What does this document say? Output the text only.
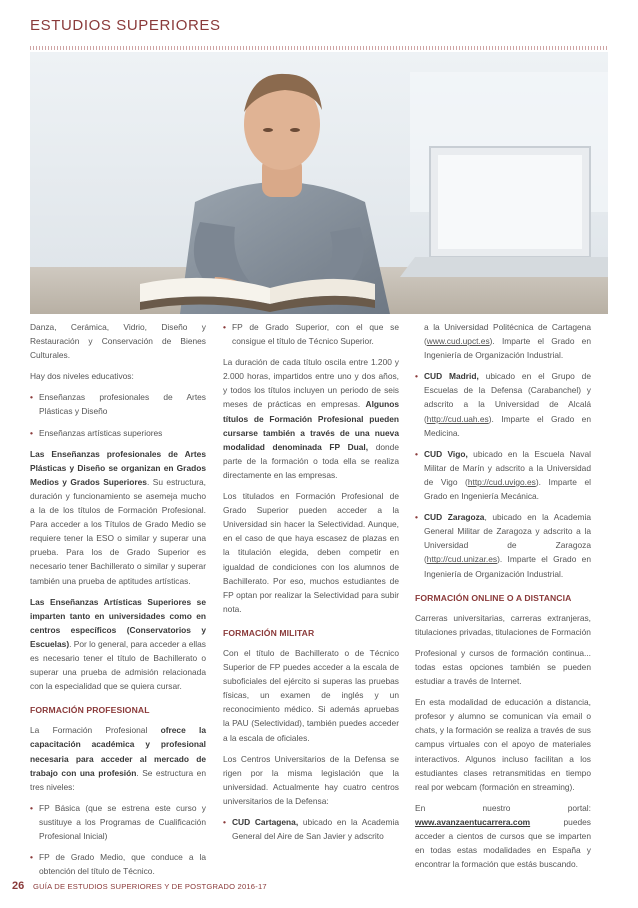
ESTUDIOS SUPERIORES

Danza, Cerámica, Vidrio, Diseño y Restauración y Conservación de Bienes Culturales.

Hay dos niveles educativos:

• Enseñanzas profesionales de Artes Plásticas y Diseño
• Enseñanzas artísticas superiores

Las Enseñanzas profesionales de Artes Plásticas y Diseño se organizan en Grados Medios y Grados Superiores. Su estructura, duración y funcionamiento se asemeja mucho a la de los títulos de Formación Profesional. Para acceder a los Títulos de Grado Medio se requiere tener la ESO o similar y superar una prueba. Para los de Grado Superior es necesario tener Bachillerato o similar y superar también una prueba de aptitudes artísticas.

Las Enseñanzas Artísticas Superiores se imparten tanto en universidades como en centros específicos (Conservatorios y Escuelas). Por lo general, para acceder a ellas es necesario tener el título de Bachillerato o superar una prueba de admisión relacionada con la especialidad que se quiera cursar.

FORMACIÓN PROFESIONAL

La Formación Profesional ofrece la capacitación académica y profesional necesaria para acceder al mercado de trabajo con una profesión. Se estructura en tres niveles:

• FP Básica (que se estrena este curso y sustituye a los Programas de Cualificación Profesional Inicial)
• FP de Grado Medio, que conduce a la obtención del título de Técnico.
• FP de Grado Superior, con el que se consigue el título de Técnico Superior.

La duración de cada título oscila entre 1.200 y 2.000 horas, impartidos entre uno y dos años, y todos los títulos incluyen un periodo de seis meses de prácticas en empresas. Algunos títulos de Formación Profesional pueden cursarse también a través de una nueva modalidad denominada FP Dual, donde parte de la formación o toda ella se realiza directamente en las empresas.

Los titulados en Formación Profesional de Grado Superior pueden acceder a la Universidad sin hacer la Selectividad. Aunque, en el caso de que haya escasez de plazas en la titulación elegida, deben competir en igualdad de condiciones con los alumnos de Bachillerato. Por eso, muchos estudiantes de FP optan por realizar la Selectividad para subir nota.

FORMACIÓN MILITAR

Con el título de Bachillerato o de Técnico Superior de FP puedes acceder a la escala de suboficiales del ejército si superas las pruebas físicas, un examen de inglés y un reconocimiento médico. Si además apruebas la PAU (Selectividad), también puedes acceder a la escala de oficiales.

Los Centros Universitarios de la Defensa se rigen por la misma legislación que la universidad. Actualmente hay cuatro centros universitarios de la Defensa:

• CUD Cartagena, ubicado en la Academia General del Aire de San Javier y adscrito

a la Universidad Politécnica de Cartagena (www.cud.upct.es). Imparte el Grado en Ingeniería de Organización Industrial.

• CUD Madrid, ubicado en el Grupo de Escuelas de la Defensa (Carabanchel) y adscrito a la Universidad de Alcalá (http://cud.uah.es). Imparte el Grado en Medicina.
• CUD Vigo, ubicado en la Escuela Naval Militar de Marín y adscrito a la Universidad de Vigo (http://cud.uvigo.es). Imparte el Grado en Ingeniería Mecánica.
• CUD Zaragoza, ubicado en la Academia General Militar de Zaragoza y adscrito a la Universidad de Zaragoza (http://cud.unizar.es). Imparte el Grado en Ingeniería de Organización Industrial.
FORMACIÓN ONLINE O A DISTANCIA

Carreras universitarias, carreras extranjeras, titulaciones privadas, titulaciones de Formación

Profesional y cursos de formación continua... todas estas opciones también se pueden estudiar a través de Internet.

En esta modalidad de educación a distancia, profesor y alumno se comunican vía email o chats, y la formación se realiza a través de sus campus virtuales con el apoyo de materiales interactivos. Algunos incluso facilitan a los estudiantes clases retransmitidas en tiempo real por webcam (formación en streaming).

En nuestro portal: www.avanzaentucarrera.com puedes acceder a cientos de cursos que se imparten en todas estas modalidades en España y encontrar la formación que estás buscando.

26 GUÍA DE ESTUDIOS SUPERIORES Y DE POSTGRADO 2016-17
